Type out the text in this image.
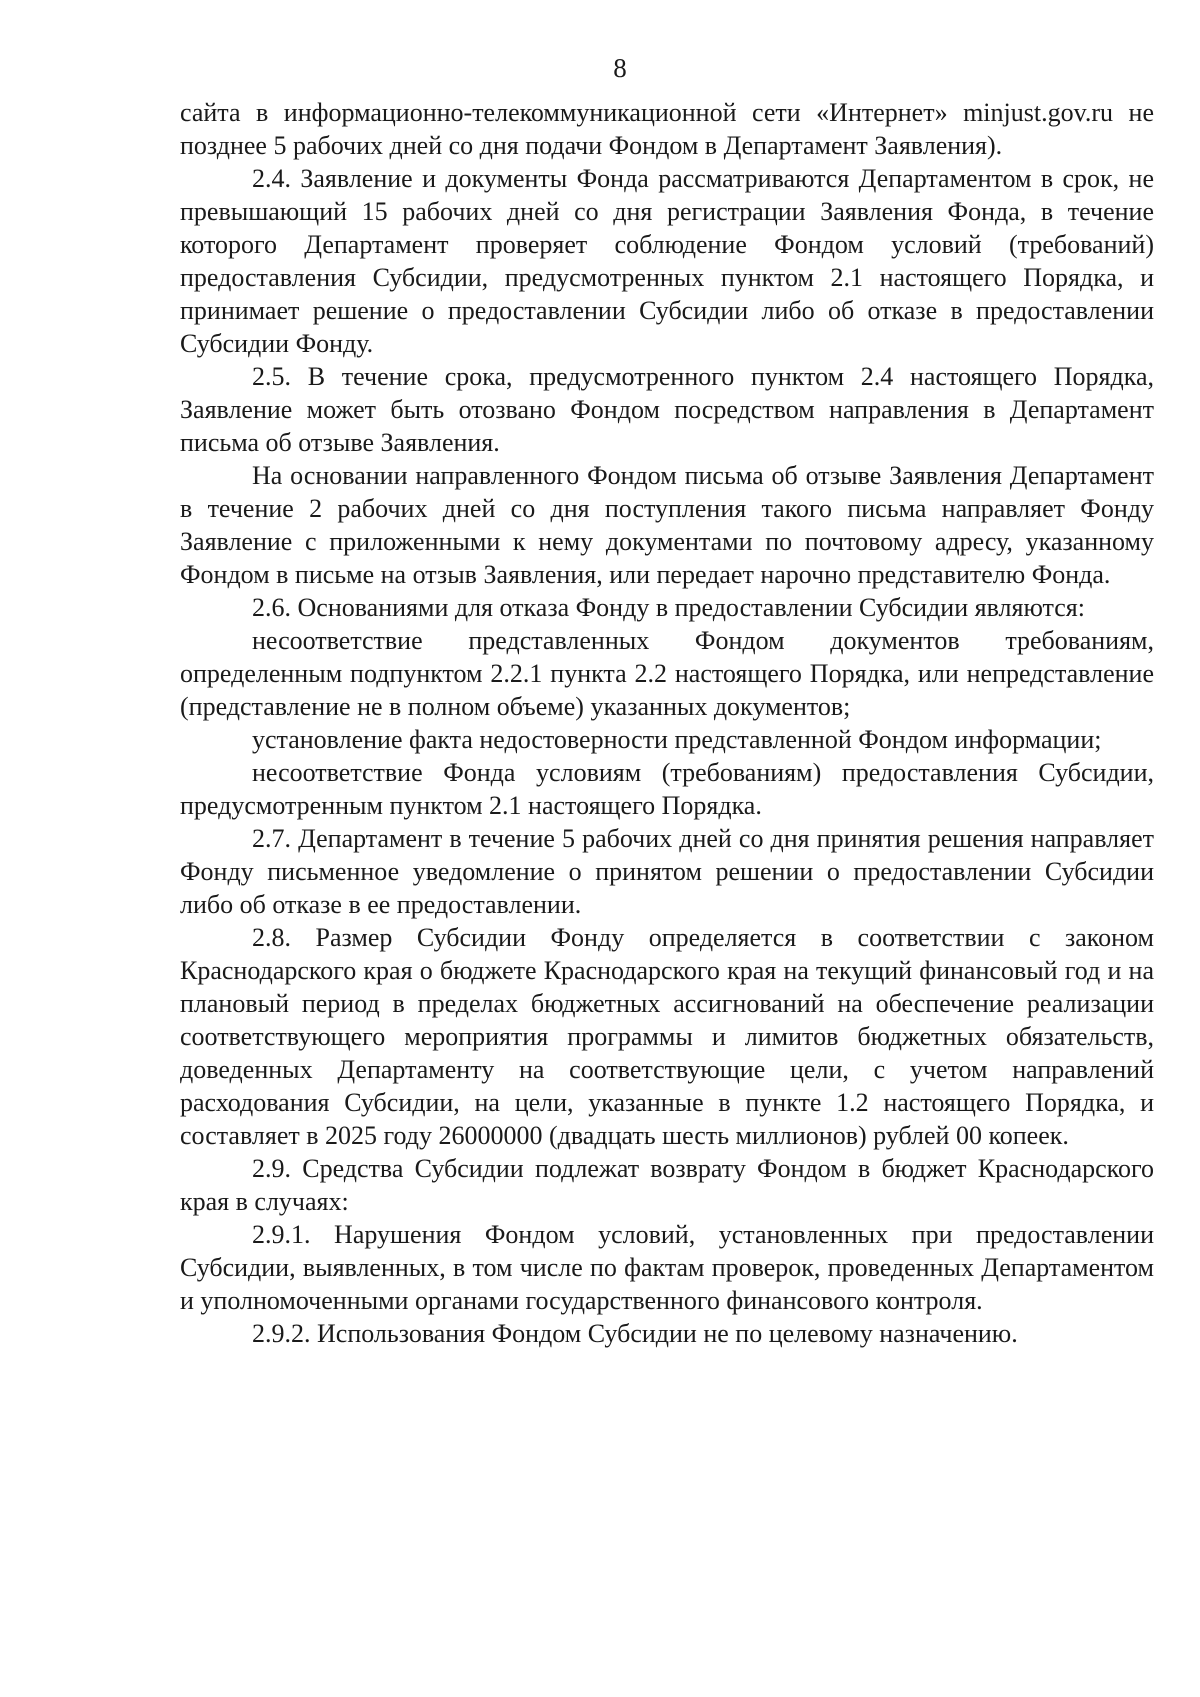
8

сайта в информационно-телекоммуникационной сети «Интернет» minjust.gov.ru не позднее 5 рабочих дней со дня подачи Фондом в Департамент Заявления).

2.4. Заявление и документы Фонда рассматриваются Департаментом в срок, не превышающий 15 рабочих дней со дня регистрации Заявления Фонда, в течение которого Департамент проверяет соблюдение Фондом условий (требований) предоставления Субсидии, предусмотренных пунктом 2.1 настоящего Порядка, и принимает решение о предоставлении Субсидии либо об отказе в предоставлении Субсидии Фонду.

2.5. В течение срока, предусмотренного пунктом 2.4 настоящего Порядка, Заявление может быть отозвано Фондом посредством направления в Департамент письма об отзыве Заявления.

На основании направленного Фондом письма об отзыве Заявления Департамент в течение 2 рабочих дней со дня поступления такого письма направляет Фонду Заявление с приложенными к нему документами по почтовому адресу, указанному Фондом в письме на отзыв Заявления, или передает нарочно представителю Фонда.

2.6. Основаниями для отказа Фонду в предоставлении Субсидии являются:

несоответствие представленных Фондом документов требованиям, определенным подпунктом 2.2.1 пункта 2.2 настоящего Порядка, или непредставление (представление не в полном объеме) указанных документов;

установление факта недостоверности представленной Фондом информации;

несоответствие Фонда условиям (требованиям) предоставления Субсидии, предусмотренным пунктом 2.1 настоящего Порядка.

2.7. Департамент в течение 5 рабочих дней со дня принятия решения направляет Фонду письменное уведомление о принятом решении о предоставлении Субсидии либо об отказе в ее предоставлении.

2.8. Размер Субсидии Фонду определяется в соответствии с законом Краснодарского края о бюджете Краснодарского края на текущий финансовый год и на плановый период в пределах бюджетных ассигнований на обеспечение реализации соответствующего мероприятия программы и лимитов бюджетных обязательств, доведенных Департаменту на соответствующие цели, с учетом направлений расходования Субсидии, на цели, указанные в пункте 1.2 настоящего Порядка, и составляет в 2025 году 26000000 (двадцать шесть миллионов) рублей 00 копеек.

2.9. Средства Субсидии подлежат возврату Фондом в бюджет Краснодарского края в случаях:

2.9.1. Нарушения Фондом условий, установленных при предоставлении Субсидии, выявленных, в том числе по фактам проверок, проведенных Департаментом и уполномоченными органами государственного финансового контроля.

2.9.2. Использования Фондом Субсидии не по целевому назначению.
